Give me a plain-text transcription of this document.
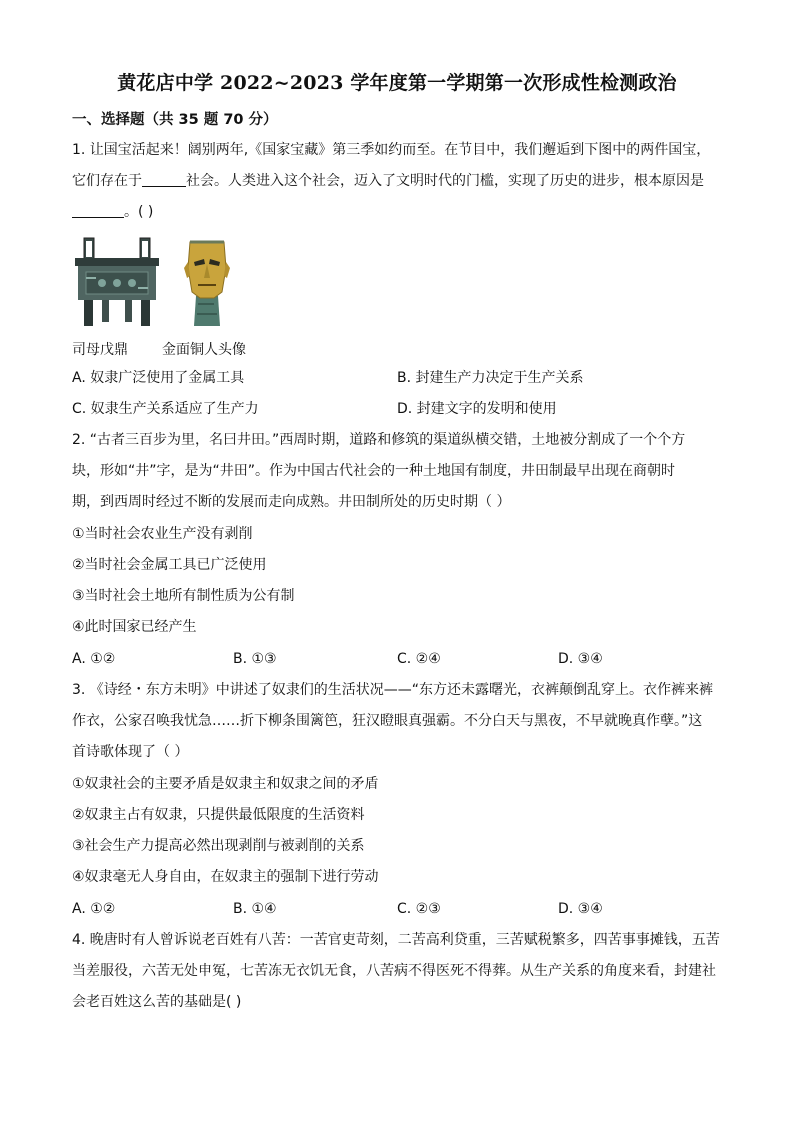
黄花店中学 2022~2023 学年度第一学期第一次形成性检测政治
一、选择题（共 35 题 70 分）
1. 让国宝活起来！阔别两年,《国家宝藏》第三季如约而至。在节目中，我们邂逅到下图中的两件国宝，
它们存在于	社会。人类进入这个社会，迈入了文明时代的门槛，实现了历史的进步，根本原因是
。( )
司母戊鼎 金面铜人头像
A. 奴隶广泛使用了金属工具	B. 封建生产力决定于生产关系
C. 奴隶生产关系适应了生产力	D. 封建文字的发明和使用
2. “古者三百步为里，名曰井田。”西周时期，道路和修筑的渠道纵横交错，土地被分割成了一个个方
块，形如“井”字，是为“井田”。作为中国古代社会的一种土地国有制度，井田制最早出现在商朝时
期，到西周时经过不断的发展而走向成熟。井田制所处的历史时期（ ）
①当时社会农业生产没有剥削
②当时社会金属工具已广泛使用
③当时社会土地所有制性质为公有制
④此时国家已经产生
A. ①②	B. ①③	C. ②④	D. ③④
3. 《诗经・东方未明》中讲述了奴隶们的生活状况——“东方还未露曙光，衣裤颠倒乱穿上。衣作裤来裤
作衣，公家召唤我忧急……折下柳条围篱笆，狂汉瞪眼真强霸。不分白天与黑夜，不早就晚真作孽。”这
首诗歌体现了（ ）
①奴隶社会的主要矛盾是奴隶主和奴隶之间的矛盾
②奴隶主占有奴隶，只提供最低限度的生活资料
③社会生产力提高必然出现剥削与被剥削的关系
④奴隶毫无人身自由，在奴隶主的强制下进行劳动
A. ①②	B. ①④	C. ②③	D. ③④
4. 晚唐时有人曾诉说老百姓有八苦：一苦官吏苛刻，二苦高利贷重，三苦赋税繁多，四苦事事摊钱，五苦
当差服役，六苦无处申冤，七苦冻无衣饥无食，八苦病不得医死不得葬。从生产关系的角度来看，封建社
会老百姓这么苦的基础是( )
